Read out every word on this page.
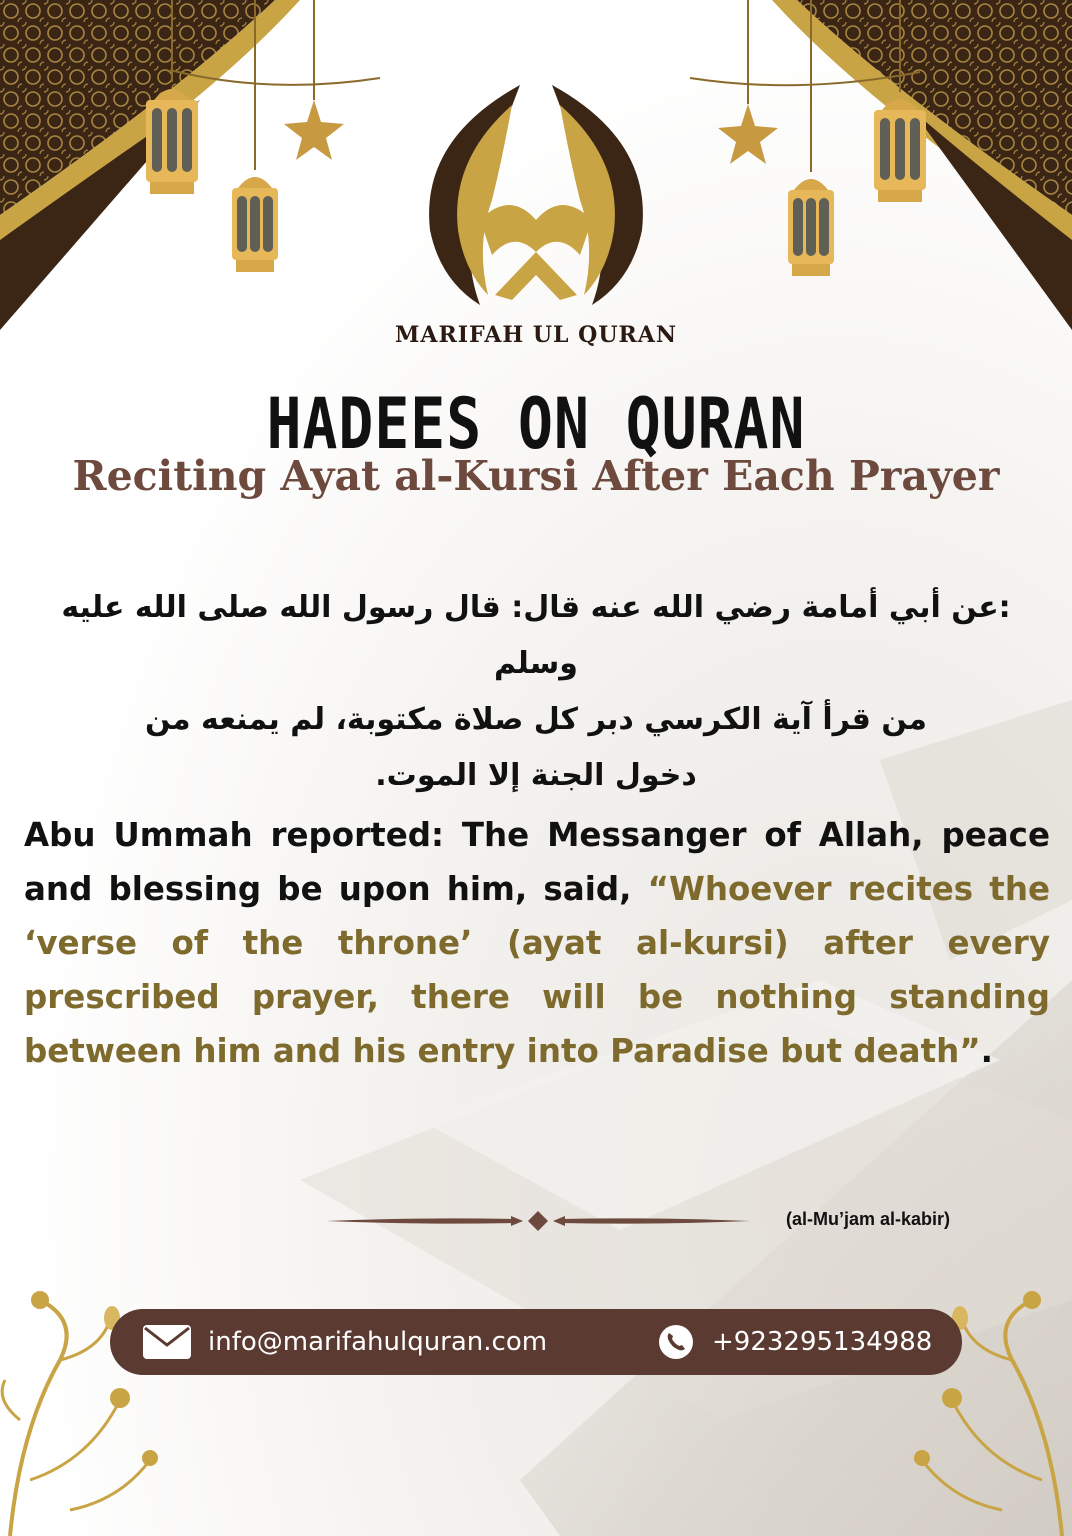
MARIFAH UL QURAN
HADEES ON QURAN
Reciting Ayat al-Kursi After Each Prayer
:عن أبي أمامة رضي الله عنه قال: قال رسول الله صلى الله عليه وسلم
من قرأ آية الكرسي دبر كل صلاة مكتوبة، لم يمنعه من
دخول الجنة إلا الموت.
Abu Ummah reported: The Messanger of Allah, peace and blessing be upon him, said, “Whoever recites the ‘verse of the throne’ (ayat al-kursi) after every prescribed prayer, there will be nothing standing between him and his entry into Paradise but death”.
(al-Mu’jam al-kabir)
info@marifahulquran.com	+923295134988
